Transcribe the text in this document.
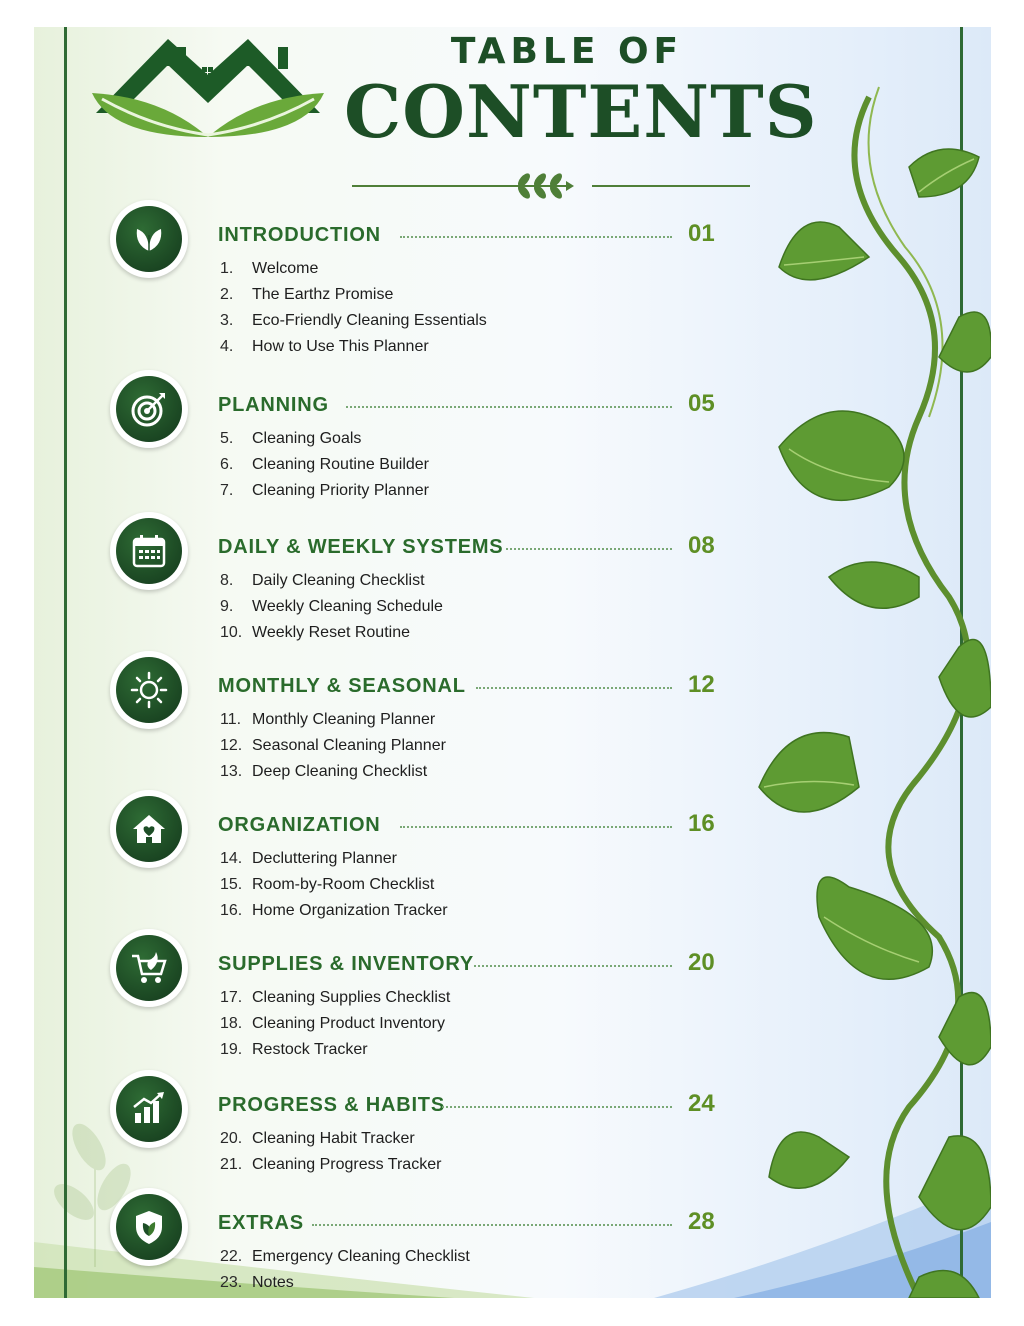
TABLE OF
CONTENTS
INTRODUCTION	01
1. Welcome
2. The Earthz Promise
3. Eco-Friendly Cleaning Essentials
4. How to Use This Planner
PLANNING	05
5. Cleaning Goals
6. Cleaning Routine Builder
7. Cleaning Priority Planner
DAILY & WEEKLY SYSTEMS	08
8. Daily Cleaning Checklist
9. Weekly Cleaning Schedule
10. Weekly Reset Routine
MONTHLY & SEASONAL	12
11. Monthly Cleaning Planner
12. Seasonal Cleaning Planner
13. Deep Cleaning Checklist
ORGANIZATION	16
14. Decluttering Planner
15. Room-by-Room Checklist
16. Home Organization Tracker
SUPPLIES & INVENTORY	20
17. Cleaning Supplies Checklist
18. Cleaning Product Inventory
19. Restock Tracker
PROGRESS & HABITS	24
20. Cleaning Habit Tracker
21. Cleaning Progress Tracker
EXTRAS	28
22. Emergency Cleaning Checklist
23. Notes
